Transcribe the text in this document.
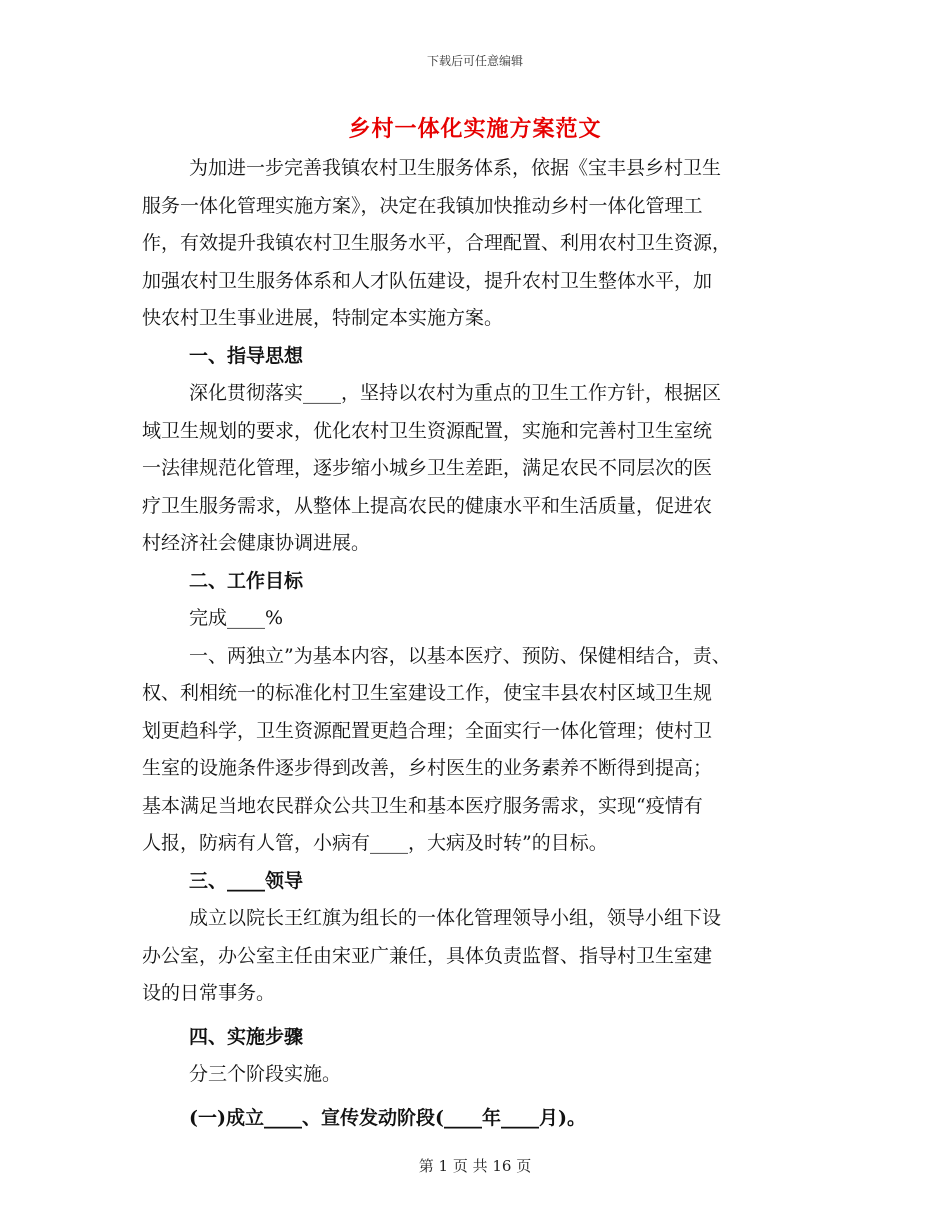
下载后可任意编辑
乡村一体化实施方案范文
为加进一步完善我镇农村卫生服务体系，依据《宝丰县乡村卫生
服务一体化管理实施方案》，决定在我镇加快推动乡村一体化管理工
作，有效提升我镇农村卫生服务水平，合理配置、利用农村卫生资源，
加强农村卫生服务体系和人才队伍建设，提升农村卫生整体水平，加
快农村卫生事业进展，特制定本实施方案。
一、指导思想
深化贯彻落实____，坚持以农村为重点的卫生工作方针，根据区
域卫生规划的要求，优化农村卫生资源配置，实施和完善村卫生室统
一法律规范化管理，逐步缩小城乡卫生差距，满足农民不同层次的医
疗卫生服务需求，从整体上提高农民的健康水平和生活质量，促进农
村经济社会健康协调进展。
二、工作目标
完成____%
一、两独立”为基本内容，以基本医疗、预防、保健相结合，责、
权、利相统一的标准化村卫生室建设工作，使宝丰县农村区域卫生规
划更趋科学，卫生资源配置更趋合理；全面实行一体化管理；使村卫
生室的设施条件逐步得到改善，乡村医生的业务素养不断得到提高；
基本满足当地农民群众公共卫生和基本医疗服务需求，实现“疫情有
人报，防病有人管，小病有____，大病及时转”的目标。
三、____领导
成立以院长王红旗为组长的一体化管理领导小组，领导小组下设
办公室，办公室主任由宋亚广兼任，具体负责监督、指导村卫生室建
设的日常事务。
四、实施步骤
分三个阶段实施。
(一)成立____、宣传发动阶段(____年____月)。
第 1 页 共 16 页
